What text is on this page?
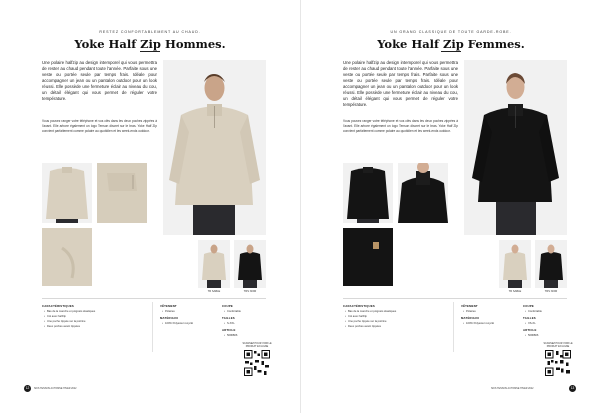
RESTEZ CONFORTABLEMENT AU CHAUD.
Yoke Half Zip Hommes.
Une polaire halfzip au design intemporel qui vous permettra de rester au chaud pendant toute l'année. Parfaite sous une veste ou portée seule par temps frais. Idéale pour accompagner un jean ou un pantalon outdoor pour un look réussi. Elle possède une fermeture éclair au niveau du cou, un détail élégant qui vous permet de réguler votre température.
Vous pouvez ranger votre téléphone et vos clés dans les deux poches zippées à l'avant. Elle arbore également un logo Tenson discret sur le bras. Yoke Half Zip convient parfaitement comme polaire au quotidien et les week-ends outdoor.
TR SABLE	TRS NOIR
CARACTÉRISTIQUES
• Bas de la manche et poignets élastiques
• Col avec halfzip
• Une poche zippée sur la poitrine
• Deux poches avant zippées
VÊTEMENT
• Polaires
MATÉRIAUX
• 100% Polyester recyclé
COUPE
• Confortable
TAILLES
• S-XXL
ARTICLE
• 5096806
SCANNEZ POUR VOIR LE PRODUIT EN LIGNE
12	SKIS TENSON AUTOMNE HIVER 2022
UN GRAND CLASSIQUE DE TOUTE GARDE-ROBE.
Yoke Half Zip Femmes.
Une polaire halfzip au design intemporel qui vous permettra de rester au chaud pendant toute l'année. Parfaite sous une veste ou portée seule par temps frais. Parfaite sous une veste ou portée seule par temps frais. Idéale pour accompagner un jean ou un pantalon outdoor pour un look réussi. Elle possède une fermeture éclair au niveau du cou, un détail élégant qui vous permet de réguler votre température.
Vous pouvez ranger votre téléphone et vos clés dans les deux poches zippées à l'avant. Elle arbore également un logo Tenson discret sur le bras. Yoke Half Zip convient parfaitement comme polaire au quotidien et les week-ends outdoor.
TR SABLE	TRS NOIR
CARACTÉRISTIQUES
• Bas de la manche et poignets élastiques
• Col avec halfzip
• Une poche zippée sur la poitrine
• Deux poches avant zippées
VÊTEMENT
• Polaires
MATÉRIAUX
• 100% Polyester recyclé
COUPE
• Confortable
TAILLES
• XS-XL
ARTICLE
• 5096806
SCANNEZ POUR VOIR LE PRODUIT EN LIGNE
SKIS TENSON AUTOMNE HIVER 2022	13
